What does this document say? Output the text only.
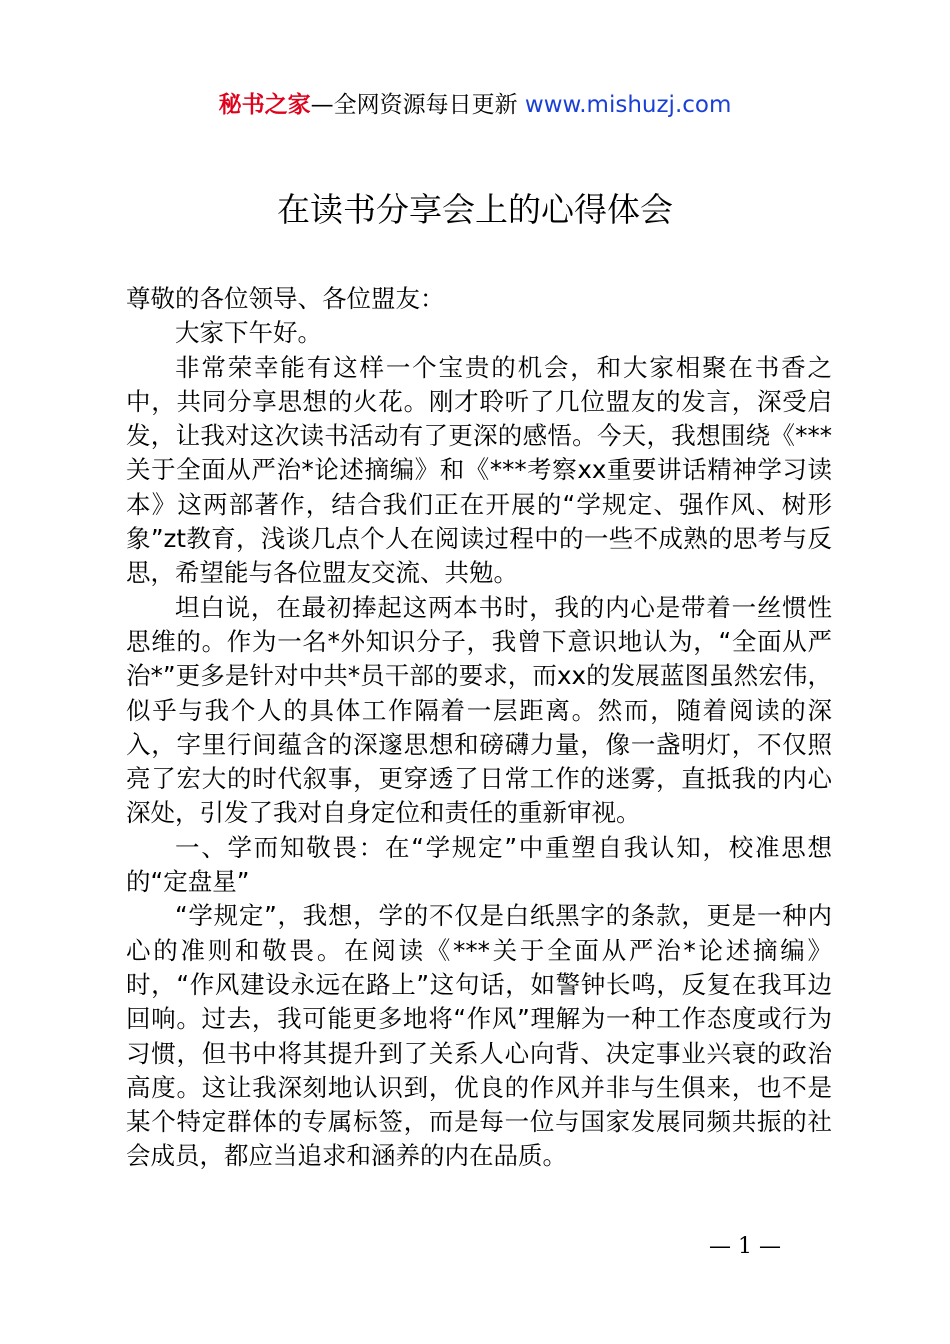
秘书之家—全网资源每日更新 www.mishuzj.com
在读书分享会上的心得体会

尊敬的各位领导、各位盟友：

大家下午好。

非常荣幸能有这样一个宝贵的机会，和大家相聚在书香之中，共同分享思想的火花。刚才聆听了几位盟友的发言，深受启发，让我对这次读书活动有了更深的感悟。今天，我想围绕《***关于全面从严治*论述摘编》和《***考察xx重要讲话精神学习读本》这两部著作，结合我们正在开展的“学规定、强作风、树形象”zt教育，浅谈几点个人在阅读过程中的一些不成熟的思考与反思，希望能与各位盟友交流、共勉。

坦白说，在最初捧起这两本书时，我的内心是带着一丝惯性思维的。作为一名*外知识分子，我曾下意识地认为，“全面从严治*”更多是针对中共*员干部的要求，而xx的发展蓝图虽然宏伟，似乎与我个人的具体工作隔着一层距离。然而，随着阅读的深入，字里行间蕴含的深邃思想和磅礴力量，像一盏明灯，不仅照亮了宏大的时代叙事，更穿透了日常工作的迷雾，直抵我的内心深处，引发了我对自身定位和责任的重新审视。

一、学而知敬畏：在“学规定”中重塑自我认知，校准思想的“定盘星”

“学规定”，我想，学的不仅是白纸黑字的条款，更是一种内心的准则和敬畏。在阅读《***关于全面从严治*论述摘编》时，“作风建设永远在路上”这句话，如警钟长鸣，反复在我耳边回响。过去，我可能更多地将“作风”理解为一种工作态度或行为习惯，但书中将其提升到了关系人心向背、决定事业兴衰的政治高度。这让我深刻地认识到，优良的作风并非与生俱来，也不是某个特定群体的专属标签，而是每一位与国家发展同频共振的社会成员，都应当追求和涵养的内在品质。

— 1 —
